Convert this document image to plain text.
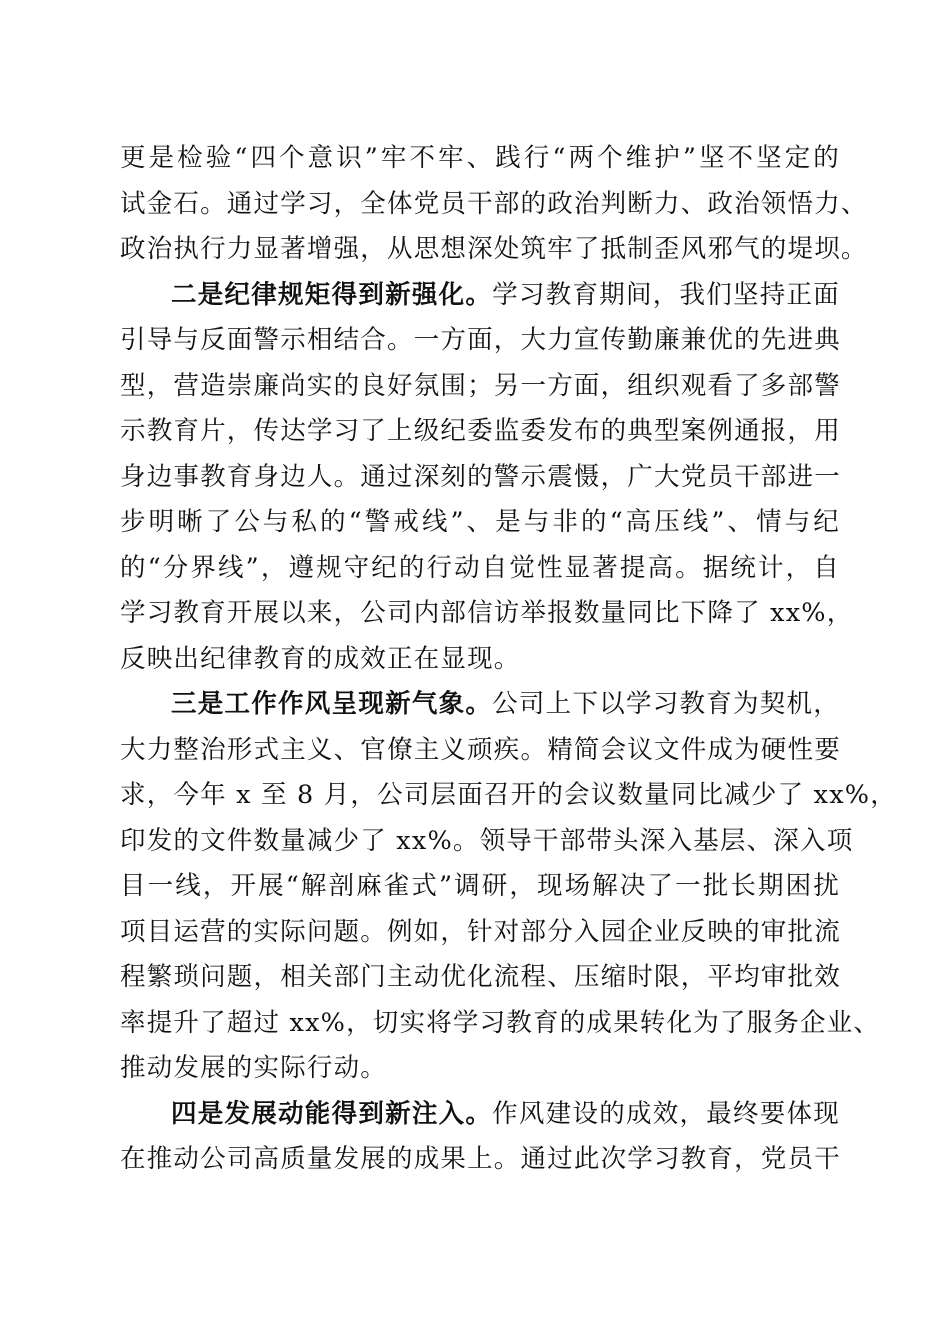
更是检验“四个意识”牢不牢、践行“两个维护”坚不坚定的
试金石。通过学习，全体党员干部的政治判断力、政治领悟力、
政治执行力显著增强，从思想深处筑牢了抵制歪风邪气的堤坝。
二是纪律规矩得到新强化。学习教育期间，我们坚持正面
引导与反面警示相结合。一方面，大力宣传勤廉兼优的先进典
型，营造崇廉尚实的良好氛围；另一方面，组织观看了多部警
示教育片，传达学习了上级纪委监委发布的典型案例通报，用
身边事教育身边人。通过深刻的警示震慑，广大党员干部进一
步明晰了公与私的“警戒线”、是与非的“高压线”、情与纪
的“分界线”，遵规守纪的行动自觉性显著提高。据统计，自
学习教育开展以来，公司内部信访举报数量同比下降了 xx%，
反映出纪律教育的成效正在显现。
三是工作作风呈现新气象。公司上下以学习教育为契机，
大力整治形式主义、官僚主义顽疾。精简会议文件成为硬性要
求，今年 x 至 8 月，公司层面召开的会议数量同比减少了 xx%，
印发的文件数量减少了 xx%。领导干部带头深入基层、深入项
目一线，开展“解剖麻雀式”调研，现场解决了一批长期困扰
项目运营的实际问题。例如，针对部分入园企业反映的审批流
程繁琐问题，相关部门主动优化流程、压缩时限，平均审批效
率提升了超过 xx%，切实将学习教育的成果转化为了服务企业、
推动发展的实际行动。
四是发展动能得到新注入。作风建设的成效，最终要体现
在推动公司高质量发展的成果上。通过此次学习教育，党员干
